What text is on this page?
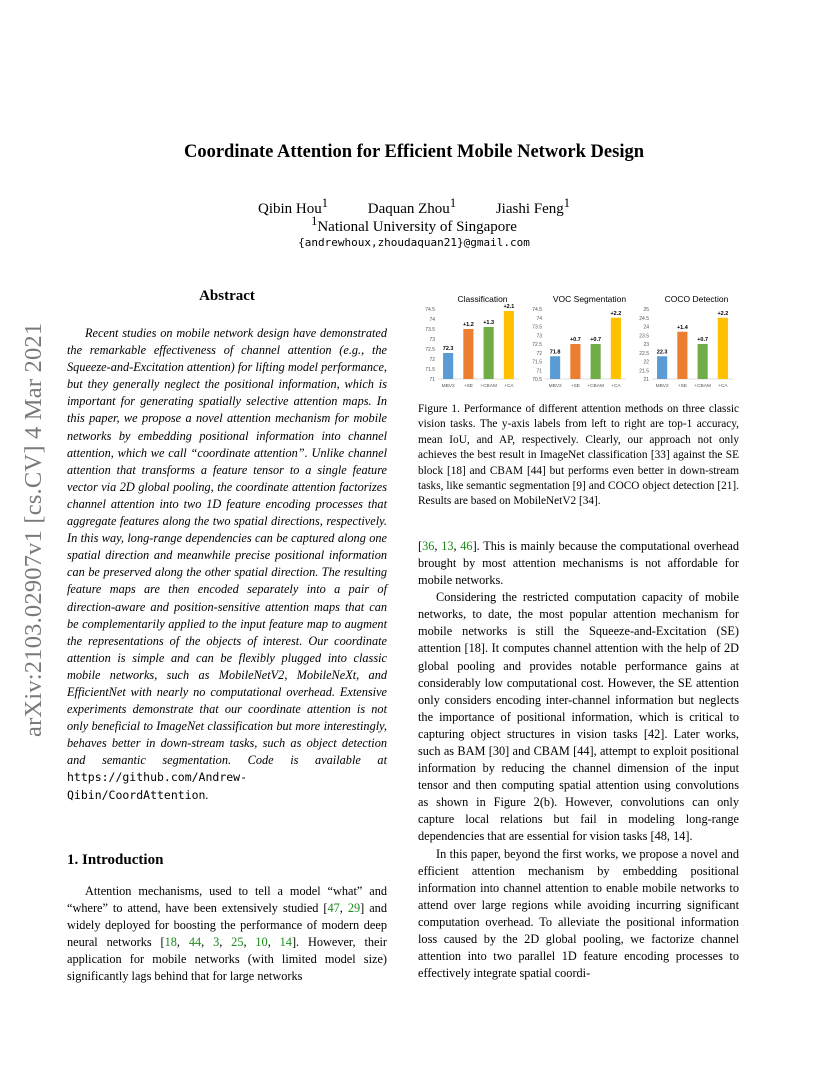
arXiv:2103.02907v1 [cs.CV] 4 Mar 2021
Coordinate Attention for Efficient Mobile Network Design
Qibin Hou$^1$	Daquan Zhou$^1$	Jiashi Feng$^1$
$^1$National University of Singapore
{andrewhoux,zhoudaquan21}@gmail.com
Abstract

Recent studies on mobile network design have demonstrated the remarkable effectiveness of channel attention (e.g., the Squeeze-and-Excitation attention) for lifting model performance, but they generally neglect the positional information, which is important for generating spatially selective attention maps. In this paper, we propose a novel attention mechanism for mobile networks by embedding positional information into channel attention, which we call “coordinate attention”. Unlike channel attention that transforms a feature tensor to a single feature vector via 2D global pooling, the coordinate attention factorizes channel attention into two 1D feature encoding processes that aggregate features along the two spatial directions, respectively. In this way, long-range dependencies can be captured along one spatial direction and meanwhile precise positional information can be preserved along the other spatial direction. The resulting feature maps are then encoded separately into a pair of direction-aware and position-sensitive attention maps that can be complementarily applied to the input feature map to augment the representations of the objects of interest. Our coordinate attention is simple and can be flexibly plugged into classic mobile networks, such as MobileNetV2, MobileNeXt, and EfficientNet with nearly no computational overhead. Extensive experiments demonstrate that our coordinate attention is not only beneficial to ImageNet classification but more interestingly, behaves better in down-stream tasks, such as object detection and semantic segmentation. Code is available at https://github.com/Andrew-Qibin/CoordAttention.

1. Introduction

Attention mechanisms, used to tell a model “what” and “where” to attend, have been extensively studied [47, 29] and widely deployed for boosting the performance of modern deep neural networks [18, 44, 3, 25, 10, 14]. However, their application for mobile networks (with limited model size) significantly lags behind that for large networks

Classification
71
71.5
72
72.5
73
73.5
74
74.5
72.3
MBV2
+1.2
+SE
+1.3
+CBAM
+2.1
+CA
VOC Segmentation
70.5
71
71.5
72
72.5
73
73.5
74
74.5
71.8
MBV2
+0.7
+SE
+0.7
+CBAM
+2.2
+CA
COCO Detection
21
21.5
22
22.5
23
23.5
24
24.5
25
22.3
MBV2
+1.4
+SE
+0.7
+CBAM
+2.2
+CA

Figure 1. Performance of different attention methods on three classic vision tasks. The y-axis labels from left to right are top-1 accuracy, mean IoU, and AP, respectively. Clearly, our approach not only achieves the best result in ImageNet classification [33] against the SE block [18] and CBAM [44] but performs even better in down-stream tasks, like semantic segmentation [9] and COCO object detection [21]. Results are based on MobileNetV2 [34].

[36, 13, 46]. This is mainly because the computational overhead brought by most attention mechanisms is not affordable for mobile networks.

Considering the restricted computation capacity of mobile networks, to date, the most popular attention mechanism for mobile networks is still the Squeeze-and-Excitation (SE) attention [18]. It computes channel attention with the help of 2D global pooling and provides notable performance gains at considerably low computational cost. However, the SE attention only considers encoding inter-channel information but neglects the importance of positional information, which is critical to capturing object structures in vision tasks [42]. Later works, such as BAM [30] and CBAM [44], attempt to exploit positional information by reducing the channel dimension of the input tensor and then computing spatial attention using convolutions as shown in Figure 2(b). However, convolutions can only capture local relations but fail in modeling long-range dependencies that are essential for vision tasks [48, 14].

In this paper, beyond the first works, we propose a novel and efficient attention mechanism by embedding positional information into channel attention to enable mobile networks to attend over large regions while avoiding incurring significant computation overhead. To alleviate the positional information loss caused by the 2D global pooling, we factorize channel attention into two parallel 1D feature encoding processes to effectively integrate spatial coordi-
